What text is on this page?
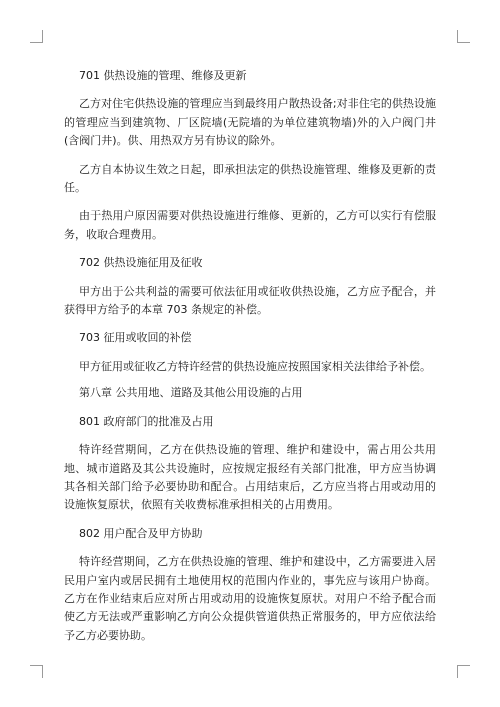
701 供热设施的管理、维修及更新

乙方对住宅供热设施的管理应当到最终用户散热设备;对非住宅的供热设施的管理应当到建筑物、厂区院墙(无院墙的为单位建筑物墙)外的入户阀门井(含阀门井)。供、用热双方另有协议的除外。

乙方自本协议生效之日起，即承担法定的供热设施管理、维修及更新的责任。

由于热用户原因需要对供热设施进行维修、更新的，乙方可以实行有偿服务，收取合理费用。

702 供热设施征用及征收

甲方出于公共利益的需要可依法征用或征收供热设施，乙方应予配合，并获得甲方给予的本章 703 条规定的补偿。

703 征用或收回的补偿

甲方征用或征收乙方特许经营的供热设施应按照国家相关法律给予补偿。

第八章 公共用地、道路及其他公用设施的占用
801 政府部门的批准及占用

特许经营期间，乙方在供热设施的管理、维护和建设中，需占用公共用地、城市道路及其公共设施时，应按规定报经有关部门批准，甲方应当协调其各相关部门给予必要协助和配合。占用结束后，乙方应当将占用或动用的设施恢复原状，依照有关收费标准承担相关的占用费用。

802 用户配合及甲方协助

特许经营期间，乙方在供热设施的管理、维护和建设中，乙方需要进入居民用户室内或居民拥有土地使用权的范围内作业的，事先应与该用户协商。乙方在作业结束后应对所占用或动用的设施恢复原状。对用户不给予配合而使乙方无法或严重影响乙方向公众提供管道供热正常服务的，甲方应依法给予乙方必要协助。
